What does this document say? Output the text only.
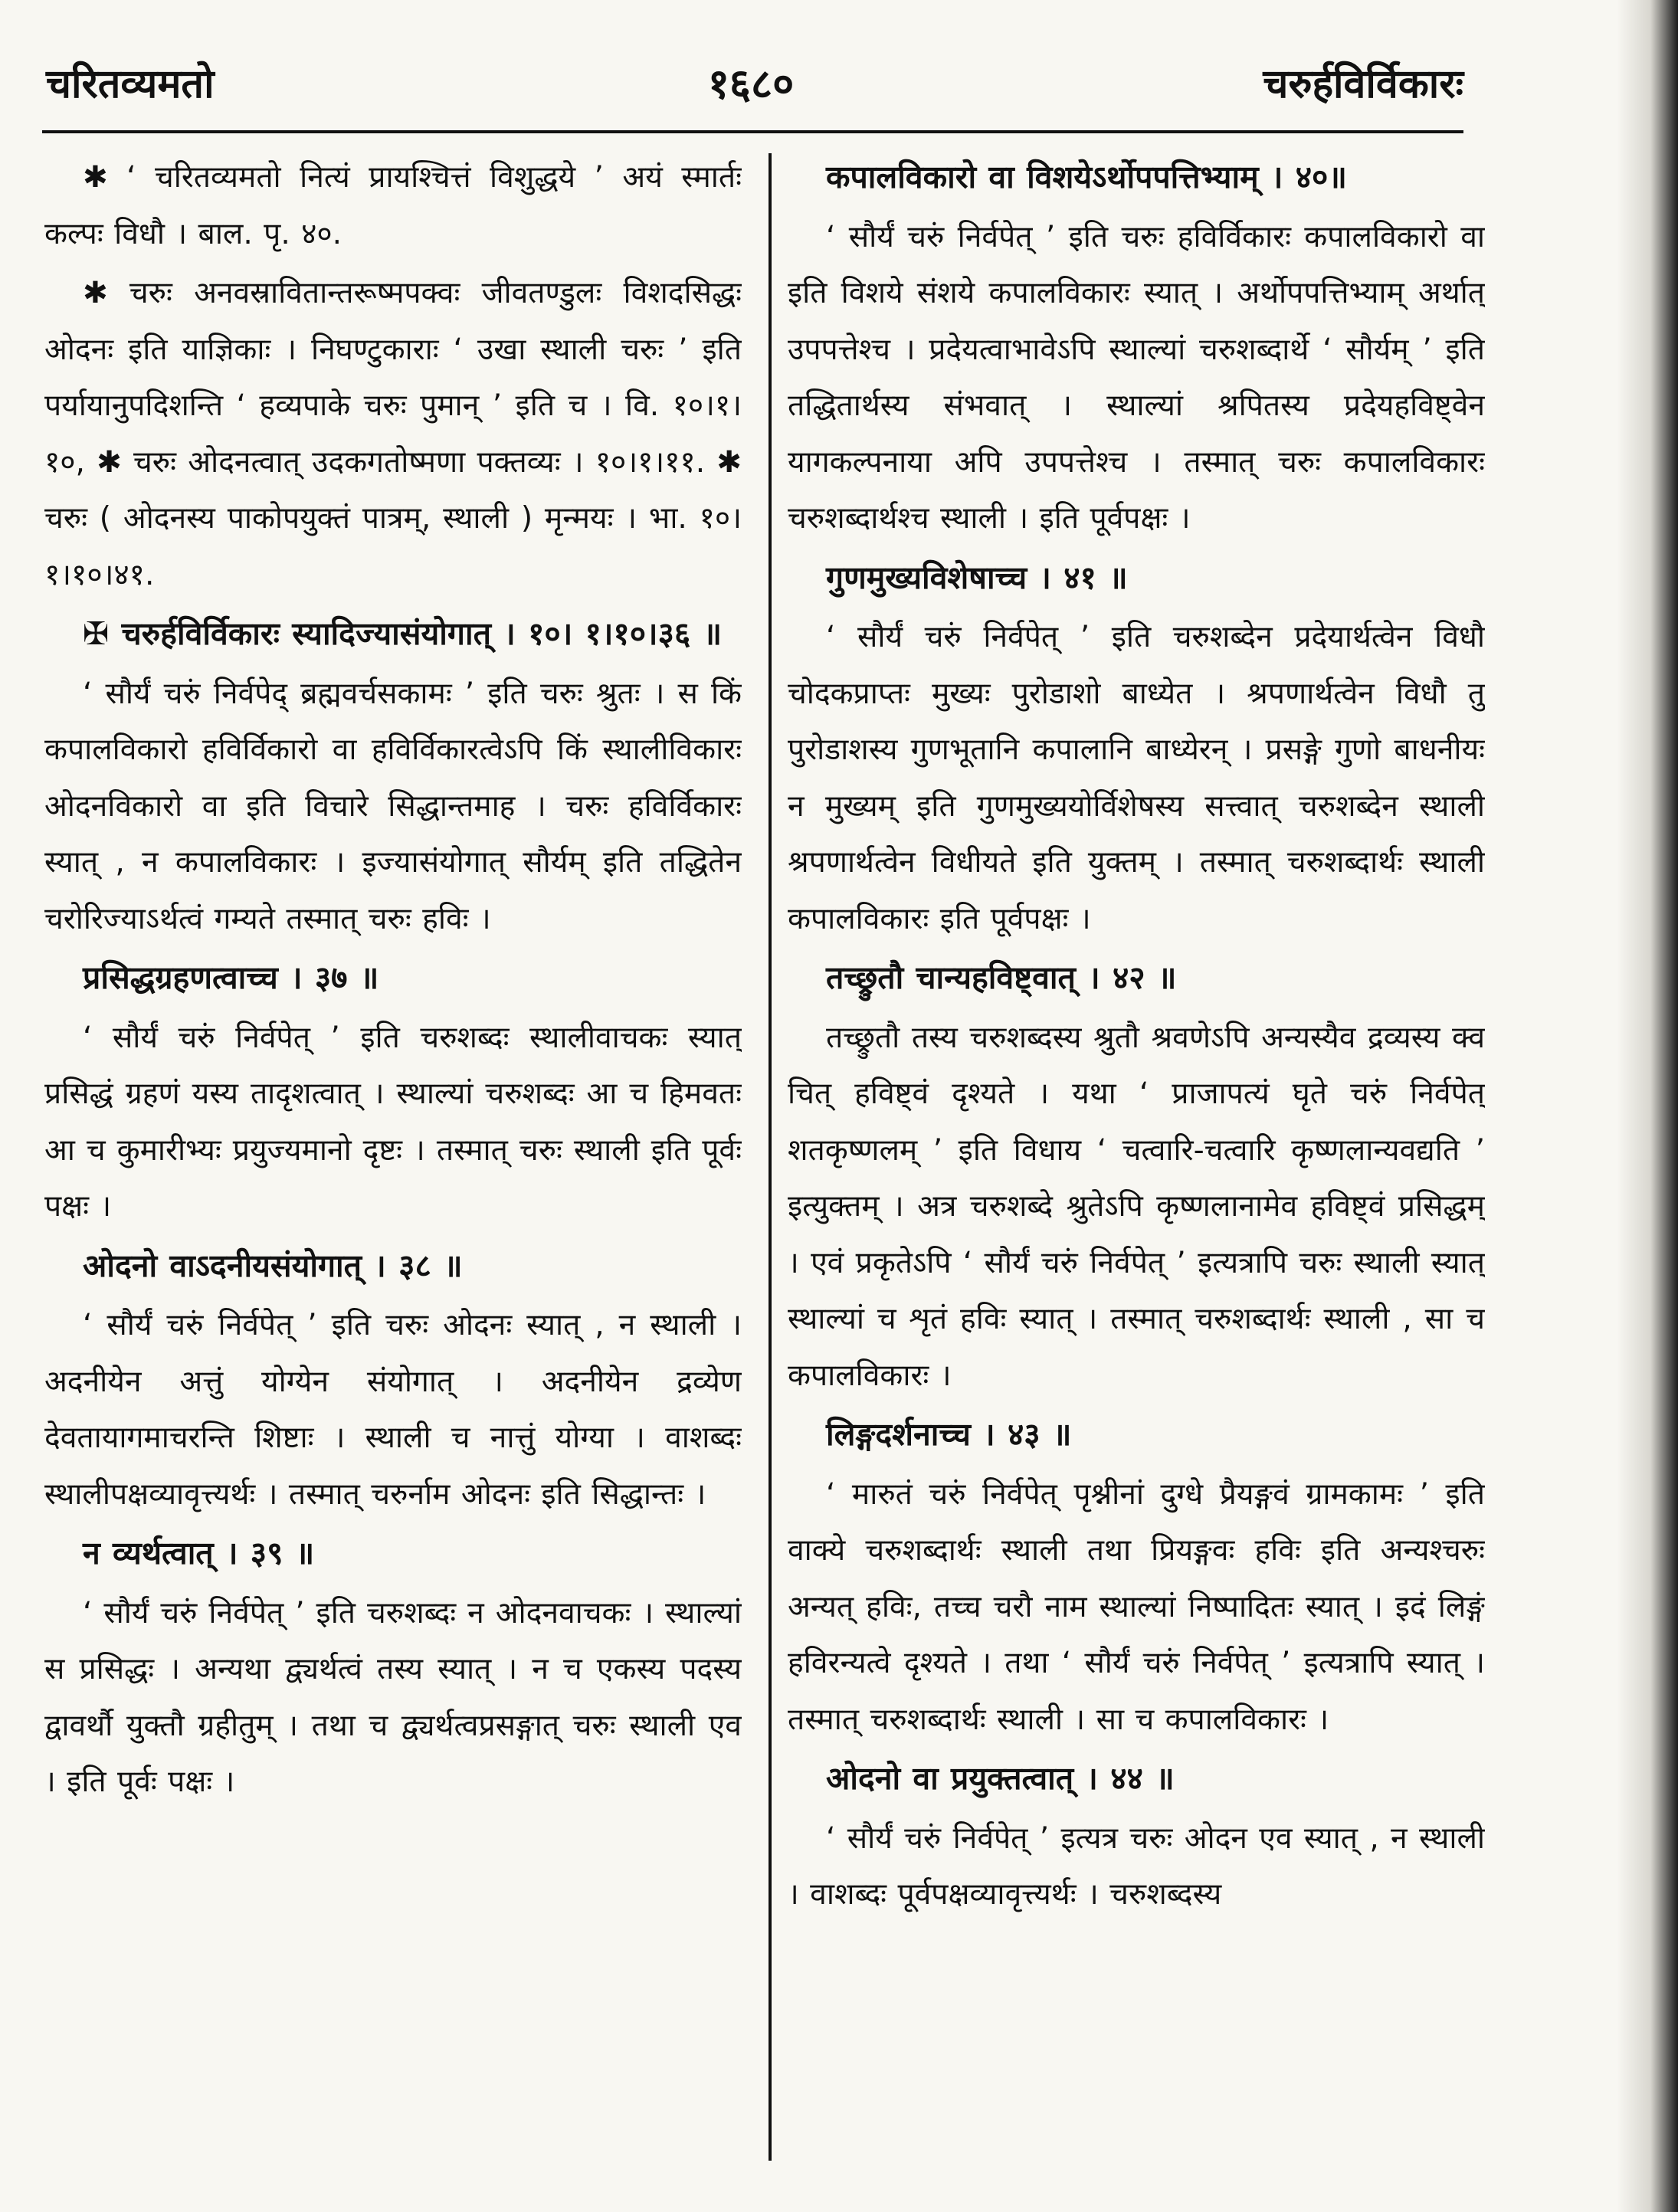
चरितव्यमतो	१६८०	चरुर्हविर्विकारः

✱ ‘ चरितव्यमतो नित्यं प्रायश्चित्तं विशुद्धये ’ अयं स्मार्तः कल्पः विधौ । बाल. पृ. ४०.

✱ चरुः अनवस्रावितान्तरूष्मपक्वः जीवतण्डुलः विशदसिद्धः ओदनः इति याज्ञिकाः । निघण्टुकाराः ‘ उखा स्थाली चरुः ’ इति पर्यायानुपदिशन्ति ‘ हव्यपाके चरुः पुमान् ’ इति च । वि. १०।१।१०, ✱ चरुः ओदनत्वात् उदकगतोष्मणा पक्तव्यः । १०।१।११. ✱ चरुः ( ओदनस्य पाकोपयुक्तं पात्रम्, स्थाली ) मृन्मयः । भा. १०।१।१०।४१.

✠ चरुर्हविर्विकारः स्यादिज्यासंयोगात् । १०। १।१०।३६ ॥

‘ सौर्यं चरुं निर्वपेद् ब्रह्मवर्चसकामः ’ इति चरुः श्रुतः । स किं कपालविकारो हविर्विकारो वा हविर्विकारत्वेऽपि किं स्थालीविकारः ओदनविकारो वा इति विचारे सिद्धान्तमाह । चरुः हविर्विकारः स्यात् , न कपालविकारः । इज्यासंयोगात् सौर्यम् इति तद्धितेन चरोरिज्याऽर्थत्वं गम्यते तस्मात् चरुः हविः ।

प्रसिद्धग्रहणत्वाच्च । ३७ ॥

‘ सौर्यं चरुं निर्वपेत् ’ इति चरुशब्दः स्थालीवाचकः स्यात् प्रसिद्धं ग्रहणं यस्य तादृशत्वात् । स्थाल्यां चरुशब्दः आ च हिमवतः आ च कुमारीभ्यः प्रयुज्यमानो दृष्टः । तस्मात् चरुः स्थाली इति पूर्वः पक्षः ।

ओदनो वाऽदनीयसंयोगात् । ३८ ॥

‘ सौर्यं चरुं निर्वपेत् ’ इति चरुः ओदनः स्यात् , न स्थाली । अदनीयेन अत्तुं योग्येन संयोगात् । अदनीयेन द्रव्येण देवतायागमाचरन्ति शिष्टाः । स्थाली च नात्तुं योग्या । वाशब्दः स्थालीपक्षव्यावृत्त्यर्थः । तस्मात् चरुर्नाम ओदनः इति सिद्धान्तः ।

न व्यर्थत्वात् । ३९ ॥

‘ सौर्यं चरुं निर्वपेत् ’ इति चरुशब्दः न ओदनवाचकः । स्थाल्यां स प्रसिद्धः । अन्यथा द्व्यर्थत्वं तस्य स्यात् । न च एकस्य पदस्य द्वावर्थौ युक्तौ ग्रहीतुम् । तथा च द्व्यर्थत्वप्रसङ्गात् चरुः स्थाली एव । इति पूर्वः पक्षः ।

कपालविकारो वा विशयेऽर्थोपपत्तिभ्याम् । ४०॥

‘ सौर्यं चरुं निर्वपेत् ’ इति चरुः हविर्विकारः कपालविकारो वा इति विशये संशये कपालविकारः स्यात् । अर्थोपपत्तिभ्याम् अर्थात् उपपत्तेश्च । प्रदेयत्वाभावेऽपि स्थाल्यां चरुशब्दार्थे ‘ सौर्यम् ’ इति तद्धितार्थस्य संभवात् । स्थाल्यां श्रपितस्य प्रदेयहविष्ट्वेन यागकल्पनाया अपि उपपत्तेश्च । तस्मात् चरुः कपालविकारः चरुशब्दार्थश्च स्थाली । इति पूर्वपक्षः ।

गुणमुख्यविशेषाच्च । ४१ ॥

‘ सौर्यं चरुं निर्वपेत् ’ इति चरुशब्देन प्रदेयार्थत्वेन विधौ चोदकप्राप्तः मुख्यः पुरोडाशो बाध्येत । श्रपणार्थत्वेन विधौ तु पुरोडाशस्य गुणभूतानि कपालानि बाध्येरन् । प्रसङ्गे गुणो बाधनीयः न मुख्यम् इति गुणमुख्ययोर्विशेषस्य सत्त्वात् चरुशब्देन स्थाली श्रपणार्थत्वेन विधीयते इति युक्तम् । तस्मात् चरुशब्दार्थः स्थाली कपालविकारः इति पूर्वपक्षः ।

तच्छ्रुतौ चान्यहविष्ट्वात् । ४२ ॥

तच्छ्रुतौ तस्य चरुशब्दस्य श्रुतौ श्रवणेऽपि अन्यस्यैव द्रव्यस्य क्व चित् हविष्ट्वं दृश्यते । यथा ‘ प्राजापत्यं घृते चरुं निर्वपेत् शतकृष्णलम् ’ इति विधाय ‘ चत्वारि-चत्वारि कृष्णलान्यवद्यति ’ इत्युक्तम् । अत्र चरुशब्दे श्रुतेऽपि कृष्णलानामेव हविष्ट्वं प्रसिद्धम् । एवं प्रकृतेऽपि ‘ सौर्यं चरुं निर्वपेत् ’ इत्यत्रापि चरुः स्थाली स्यात् स्थाल्यां च शृतं हविः स्यात् । तस्मात् चरुशब्दार्थः स्थाली , सा च कपालविकारः ।

लिङ्गदर्शनाच्च । ४३ ॥

‘ मारुतं चरुं निर्वपेत् पृश्नीनां दुग्धे प्रैयङ्गवं ग्रामकामः ’ इति वाक्ये चरुशब्दार्थः स्थाली तथा प्रियङ्गवः हविः इति अन्यश्चरुः अन्यत् हविः, तच्च चरौ नाम स्थाल्यां निष्पादितः स्यात् । इदं लिङ्गं हविरन्यत्वे दृश्यते । तथा ‘ सौर्यं चरुं निर्वपेत् ’ इत्यत्रापि स्यात् । तस्मात् चरुशब्दार्थः स्थाली । सा च कपालविकारः ।

ओदनो वा प्रयुक्तत्वात् । ४४ ॥

‘ सौर्यं चरुं निर्वपेत् ’ इत्यत्र चरुः ओदन एव स्यात् , न स्थाली । वाशब्दः पूर्वपक्षव्यावृत्त्यर्थः । चरुशब्दस्य
